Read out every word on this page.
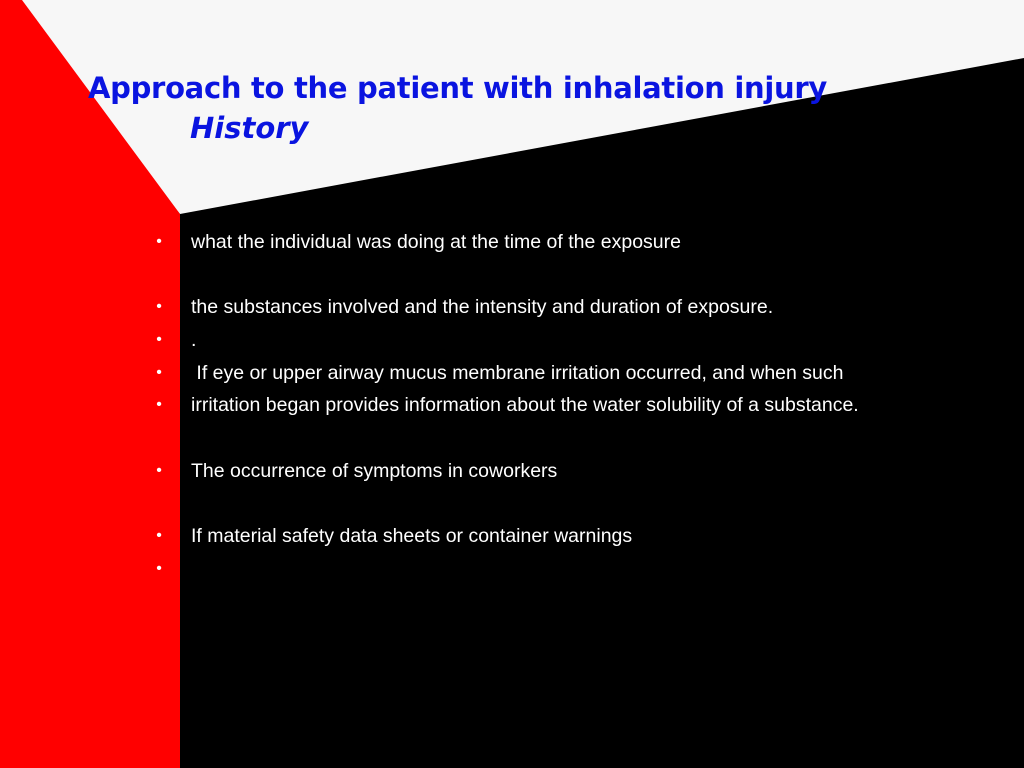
Approach to the patient with inhalation injury
History
• what the individual was doing at the time of the exposure
• the substances involved and the intensity and duration of exposure.
• .
• If eye or upper airway mucus membrane irritation occurred, and when such
• irritation began provides information about the water solubility of a substance.
• The occurrence of symptoms in coworkers
• If material safety data sheets or container warnings
•
